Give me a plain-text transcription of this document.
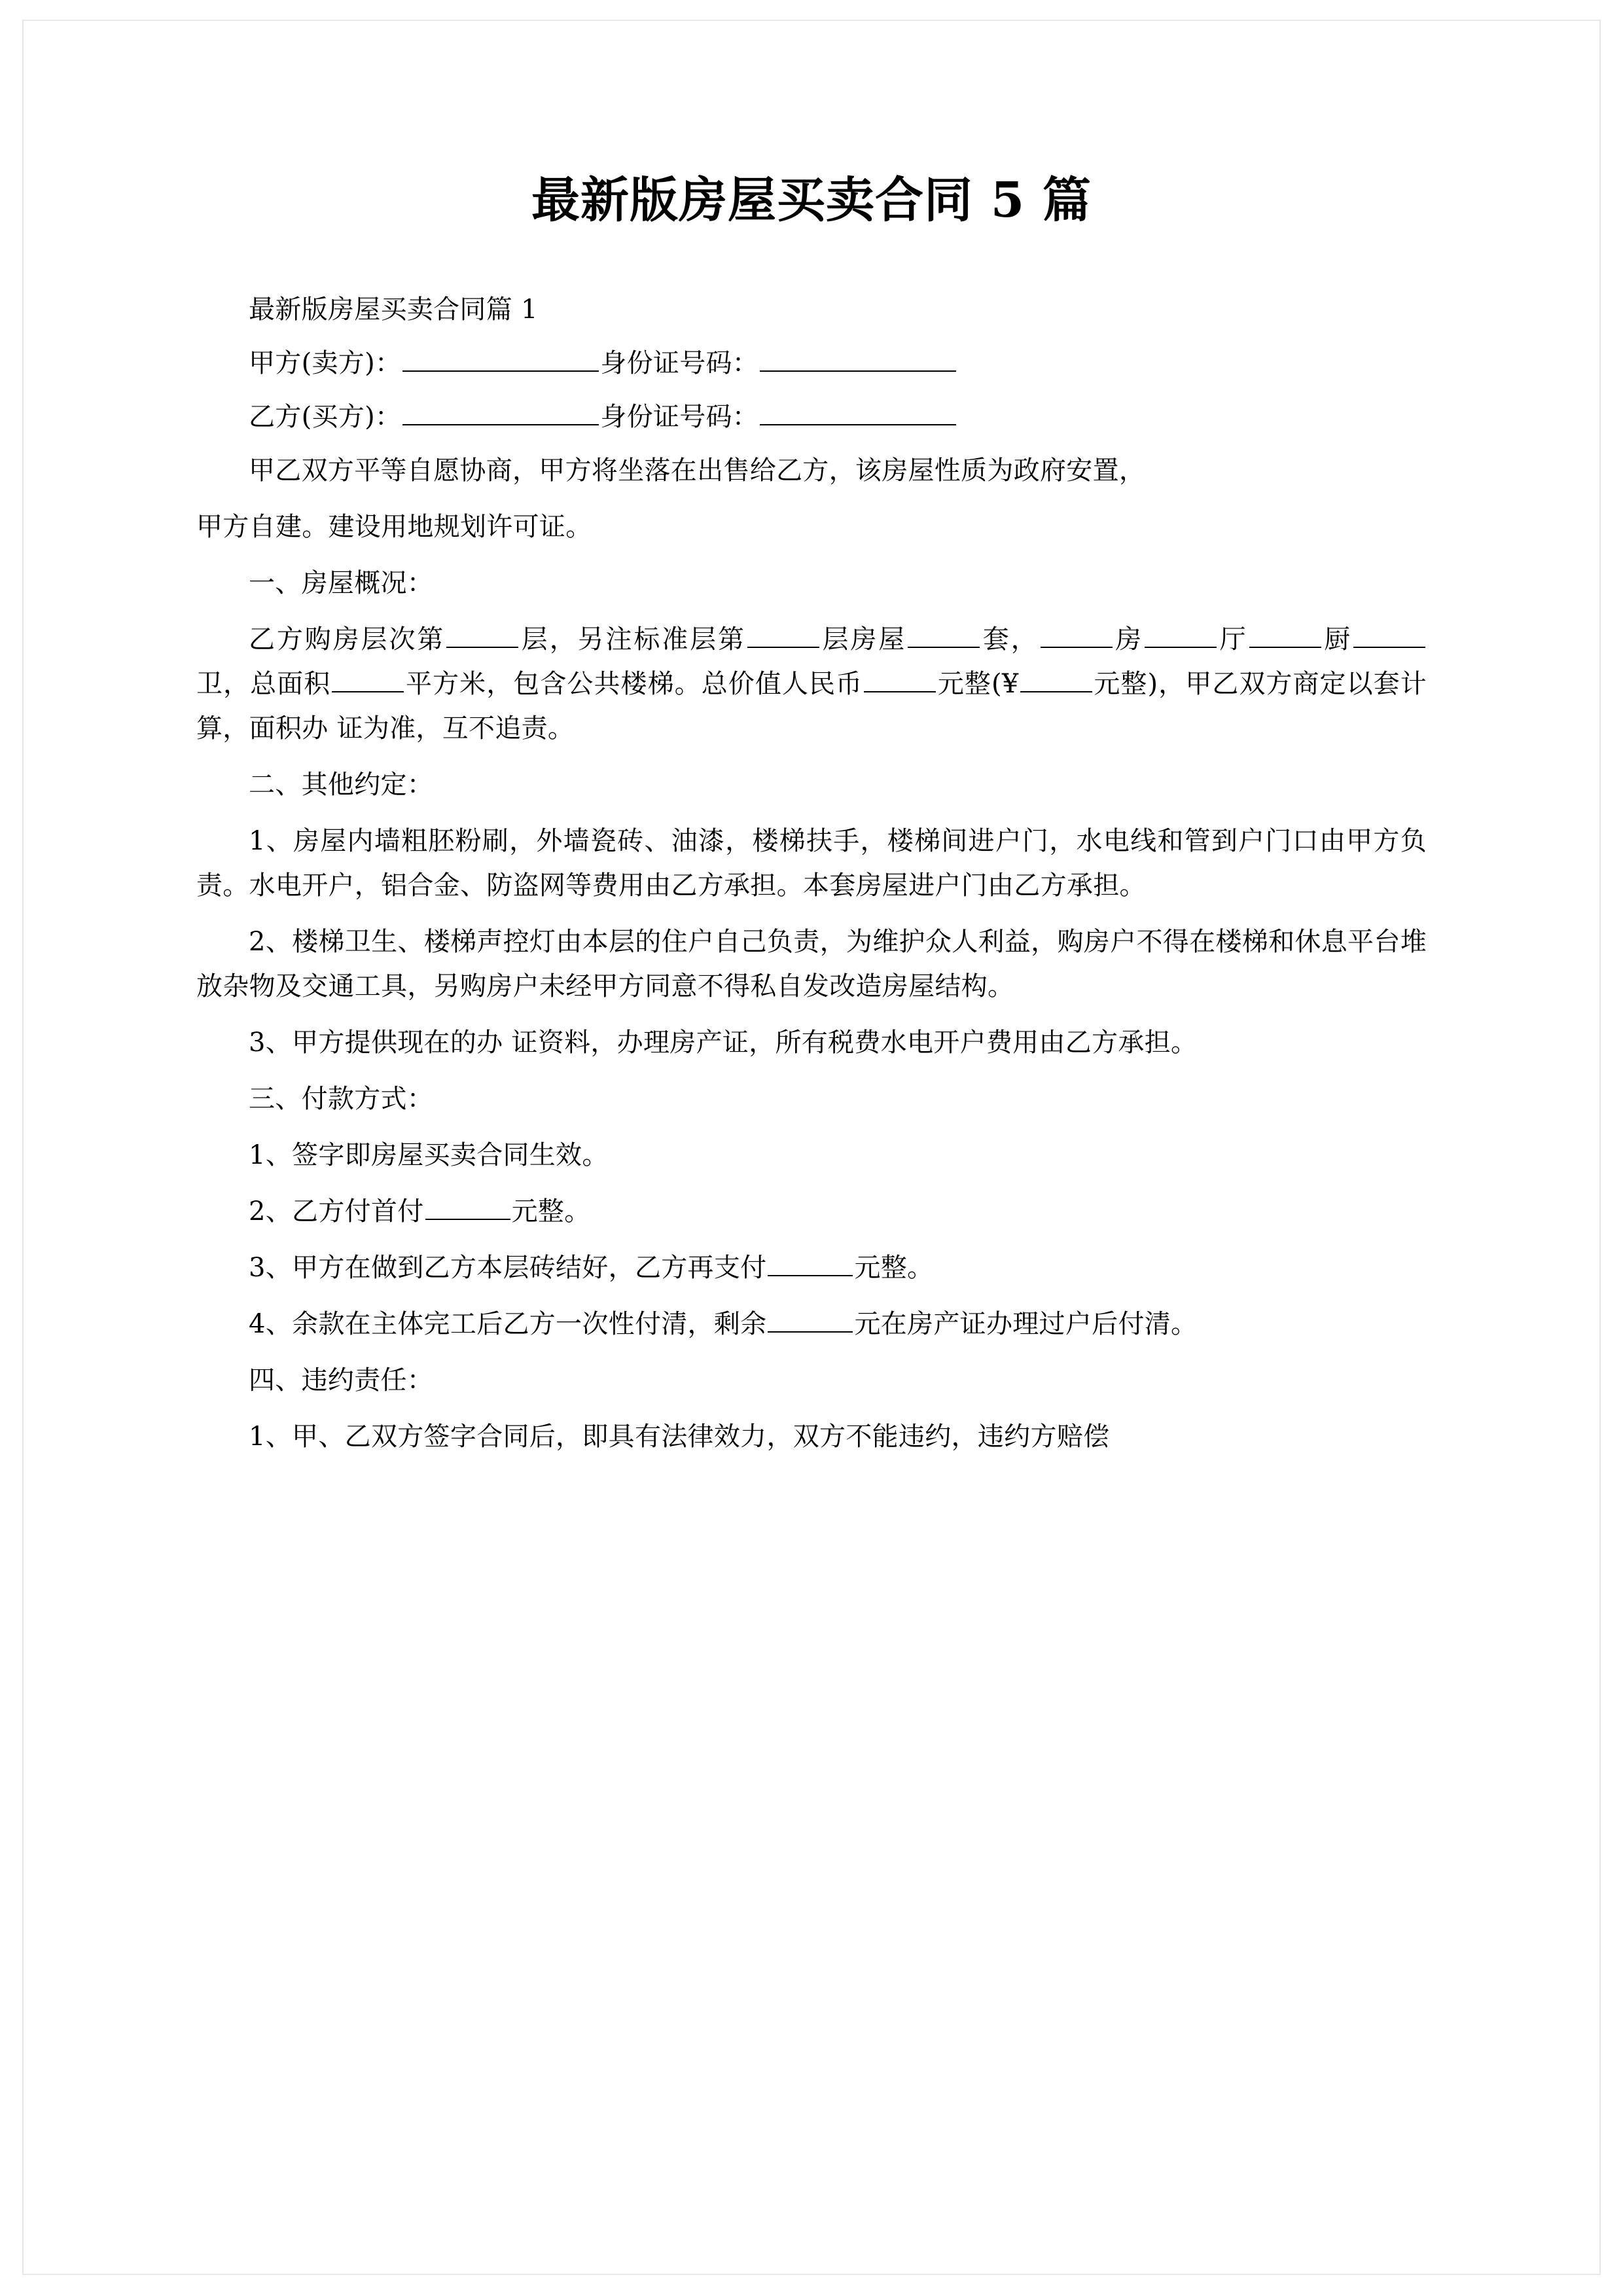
最新版房屋买卖合同 5 篇

最新版房屋买卖合同篇 1

甲方(卖方)：	身份证号码：

乙方(买方)：	身份证号码：

甲乙双方平等自愿协商，甲方将坐落在出售给乙方，该房屋性质为政府安置，

甲方自建。建设用地规划许可证。

一、房屋概况：

乙方购房层次第	层，另注标准层第	层房屋	套，	房	厅	厨卫，总面积	平方米，包含公共楼梯。总价值人民币	元整(¥	元整)，甲乙双方商定以套计算，面积办 证为准，互不追责。

二、其他约定：

1、房屋内墙粗胚粉刷，外墙瓷砖、油漆，楼梯扶手，楼梯间进户门，水电线和管到户门口由甲方负责。水电开户，铝合金、防盗网等费用由乙方承担。本套房屋进户门由乙方承担。

2、楼梯卫生、楼梯声控灯由本层的住户自己负责，为维护众人利益，购房户不得在楼梯和休息平台堆放杂物及交通工具，另购房户未经甲方同意不得私自发改造房屋结构。

3、甲方提供现在的办 证资料，办理房产证，所有税费水电开户费用由乙方承担。

三、付款方式：

1、签字即房屋买卖合同生效。

2、乙方付首付	元整。

3、甲方在做到乙方本层砖结好，乙方再支付	元整。

4、余款在主体完工后乙方一次性付清，剩余	元在房产证办理过户后付清。

四、违约责任：

1、甲、乙双方签字合同后，即具有法律效力，双方不能违约，违约方赔偿
